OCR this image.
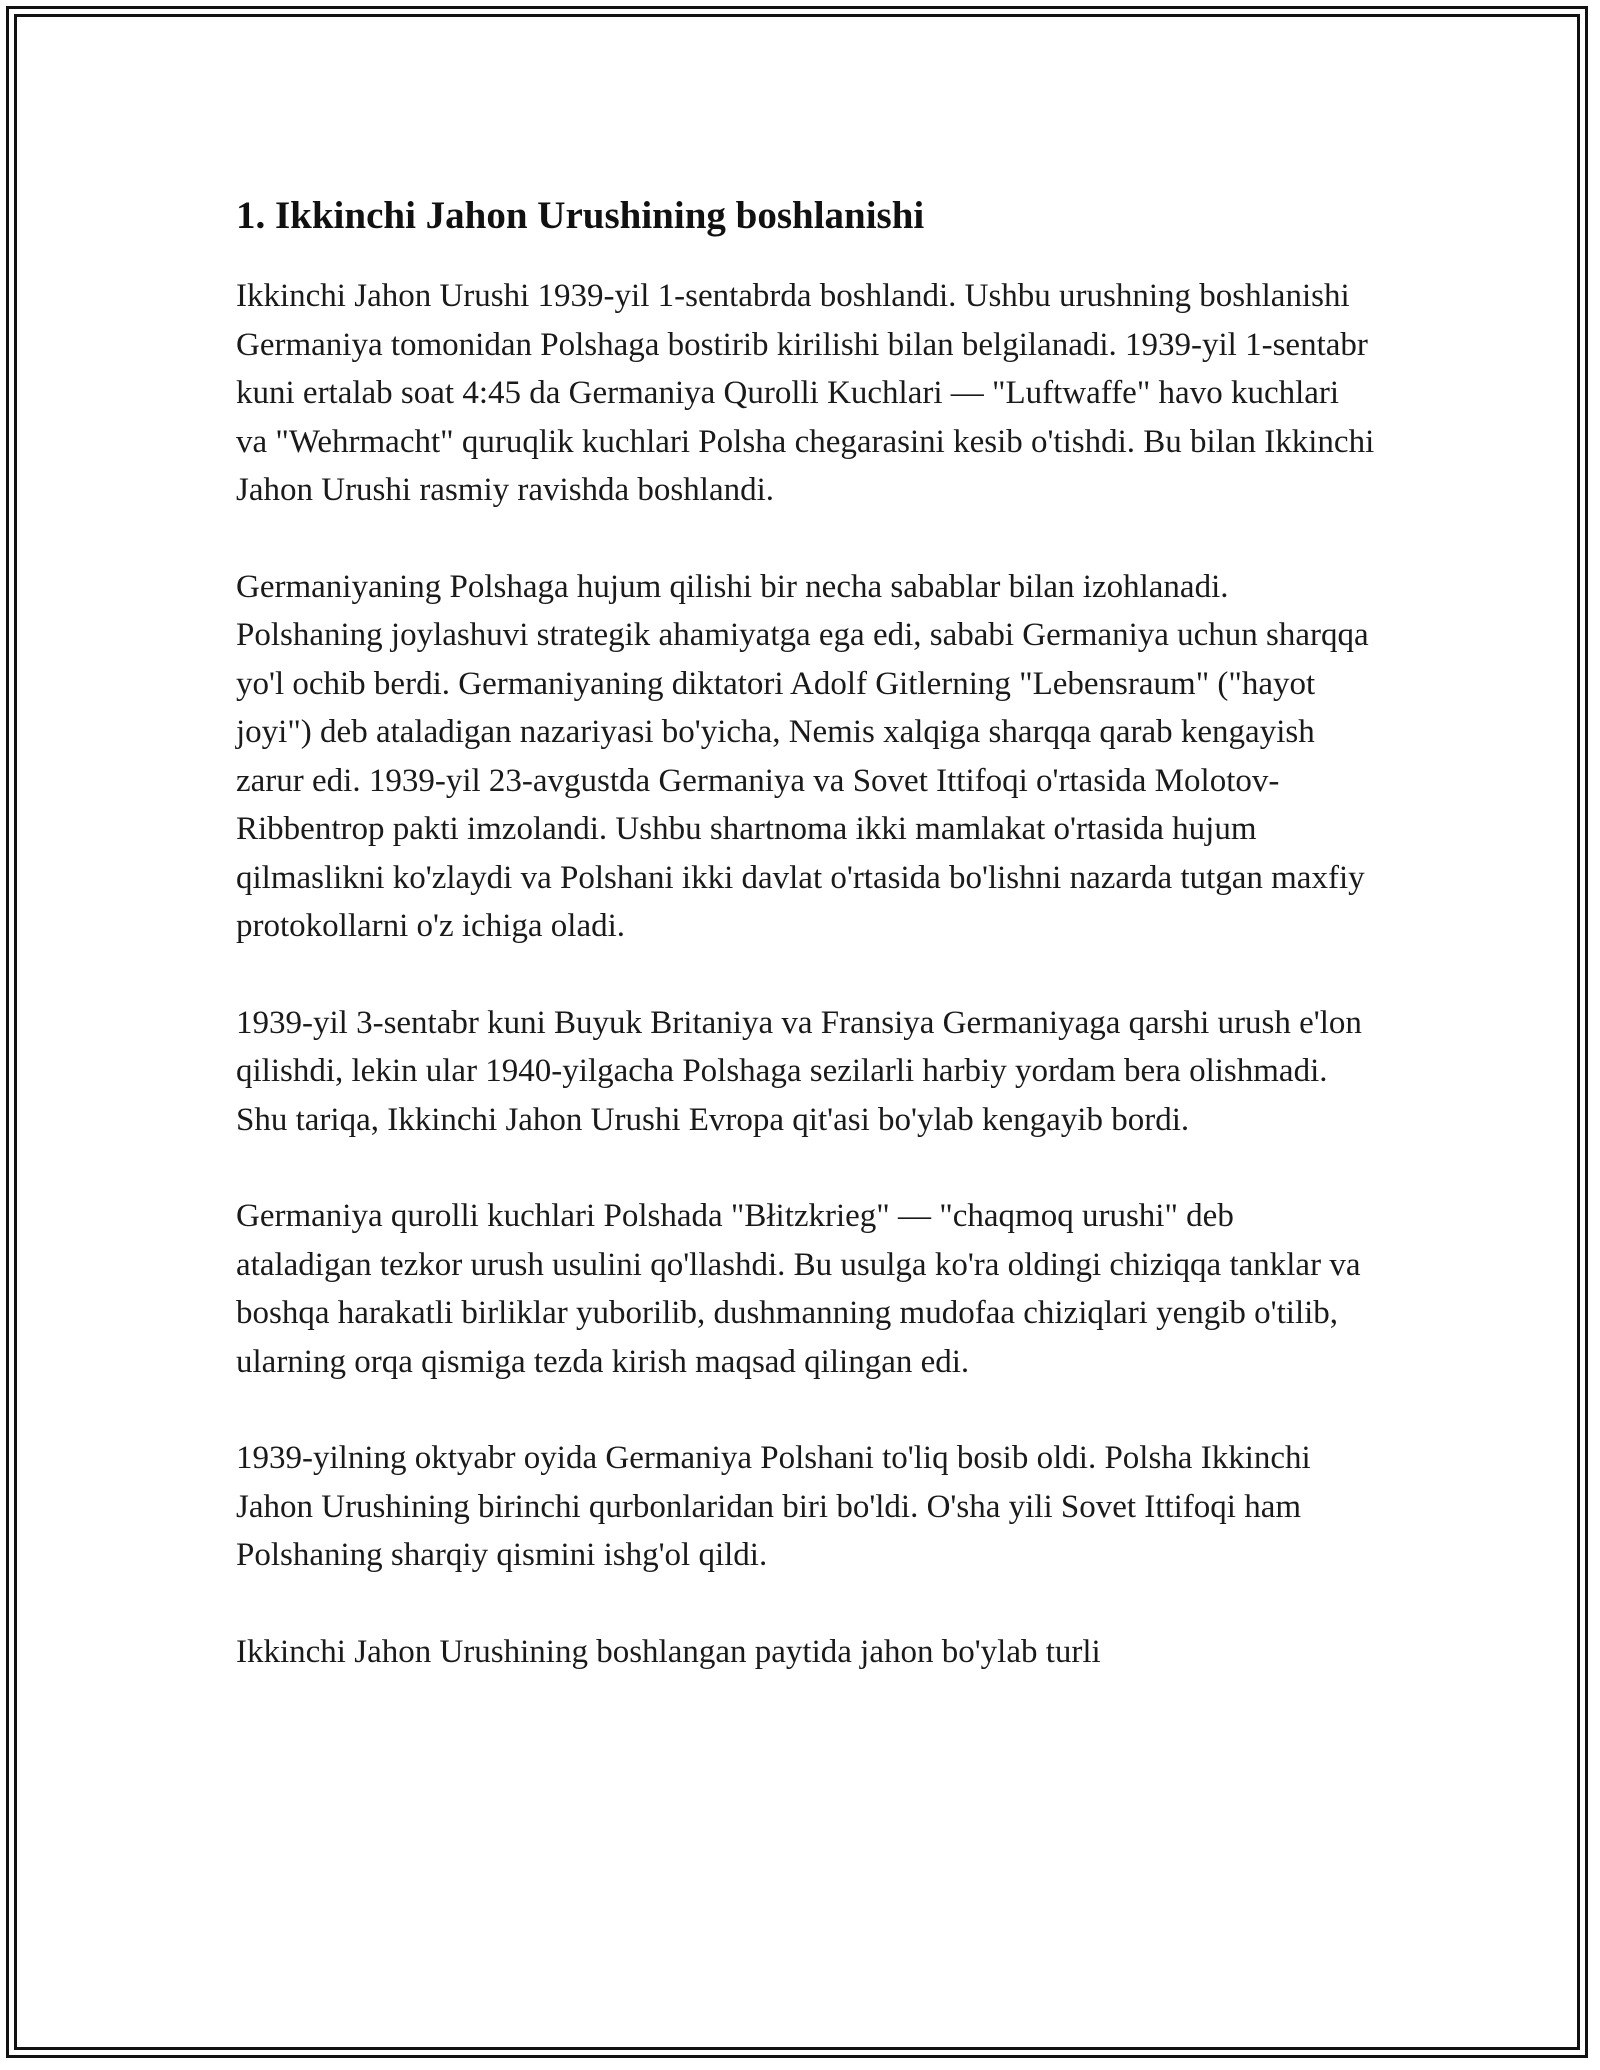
1. Ikkinchi Jahon Urushining boshlanishi

Ikkinchi Jahon Urushi 1939-yil 1-sentabrda boshlandi. Ushbu urushning boshlanishi Germaniya tomonidan Polshaga bostirib kirilishi bilan belgilanadi. 1939-yil 1-sentabr kuni ertalab soat 4:45 da Germaniya Qurolli Kuchlari — "Luftwaffe" havo kuchlari va "Wehrmacht" quruqlik kuchlari Polsha chegarasini kesib o'tishdi. Bu bilan Ikkinchi Jahon Urushi rasmiy ravishda boshlandi.

Germaniyaning Polshaga hujum qilishi bir necha sabablar bilan izohlanadi. Polshaning joylashuvi strategik ahamiyatga ega edi, sababi Germaniya uchun sharqqa yo'l ochib berdi. Germaniyaning diktatori Adolf Gitlerning "Lebensraum" ("hayot joyi") deb ataladigan nazariyasi bo'yicha, Nemis xalqiga sharqqa qarab kengayish zarur edi. 1939-yil 23-avgustda Germaniya va Sovet Ittifoqi o'rtasida Molotov-Ribbentrop pakti imzolandi. Ushbu shartnoma ikki mamlakat o'rtasida hujum qilmaslikni ko'zlaydi va Polshani ikki davlat o'rtasida bo'lishni nazarda tutgan maxfiy protokollarni o'z ichiga oladi.

1939-yil 3-sentabr kuni Buyuk Britaniya va Fransiya Germaniyaga qarshi urush e'lon qilishdi, lekin ular 1940-yilgacha Polshaga sezilarli harbiy yordam bera olishmadi. Shu tariqa, Ikkinchi Jahon Urushi Evropa qit'asi bo'ylab kengayib bordi.

Germaniya qurolli kuchlari Polshada "Błitzkrieg" — "chaqmoq urushi" deb ataladigan tezkor urush usulini qo'llashdi. Bu usulga ko'ra oldingi chiziqqa tanklar va boshqa harakatli birliklar yuborilib, dushmanning mudofaa chiziqlari yengib o'tilib, ularning orqa qismiga tezda kirish maqsad qilingan edi.

1939-yilning oktyabr oyida Germaniya Polshani to'liq bosib oldi. Polsha Ikkinchi Jahon Urushining birinchi qurbonlaridan biri bo'ldi. O'sha yili Sovet Ittifoqi ham Polshaning sharqiy qismini ishg'ol qildi.

Ikkinchi Jahon Urushining boshlangan paytida jahon bo'ylab turli
